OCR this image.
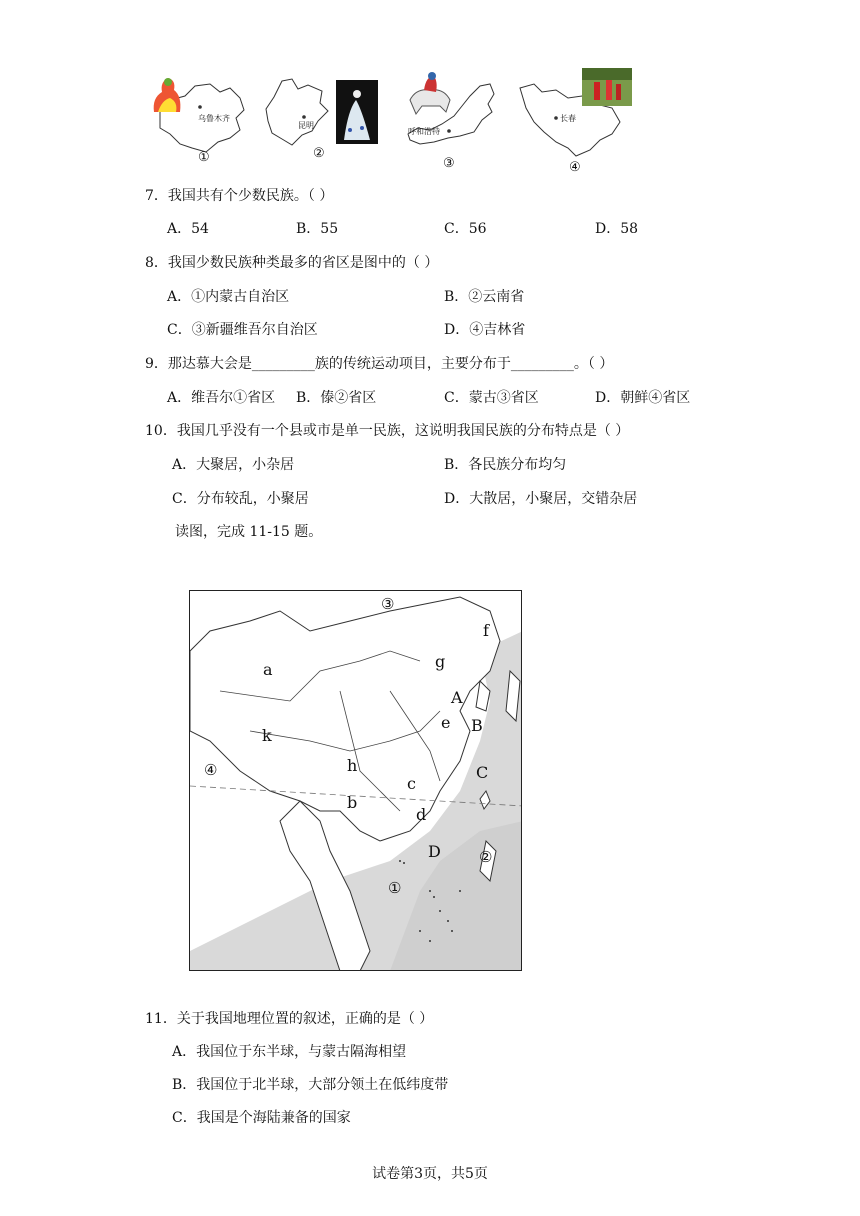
乌鲁木齐
①
昆明
②
呼和浩特
③
长春
④
7．我国共有个少数民族。（ ）
A．54	B．55	C．56	D．58
8．我国少数民族种类最多的省区是图中的（ ）
A．①内蒙古自治区	B．②云南省
C．③新疆维吾尔自治区	D．④吉林省
9．那达慕大会是_________族的传统运动项目，主要分布于_________。（ ）
A．维吾尔①省区 B．傣②省区	C．蒙古③省区	D．朝鲜④省区
10．我国几乎没有一个县或市是单一民族，这说明我国民族的分布特点是（ ）
A．大聚居，小杂居	B．各民族分布均匀
C．分布较乱，小聚居	D．大散居，小聚居，交错杂居
读图，完成 11-15 题。
a
k
h
b
c
d
e
f
g
A
B
C
D
③
④
②
①
11．关于我国地理位置的叙述，正确的是（ ）
A．我国位于东半球，与蒙古隔海相望
B．我国位于北半球，大部分领土在低纬度带
C．我国是个海陆兼备的国家
试卷第3页，共5页
